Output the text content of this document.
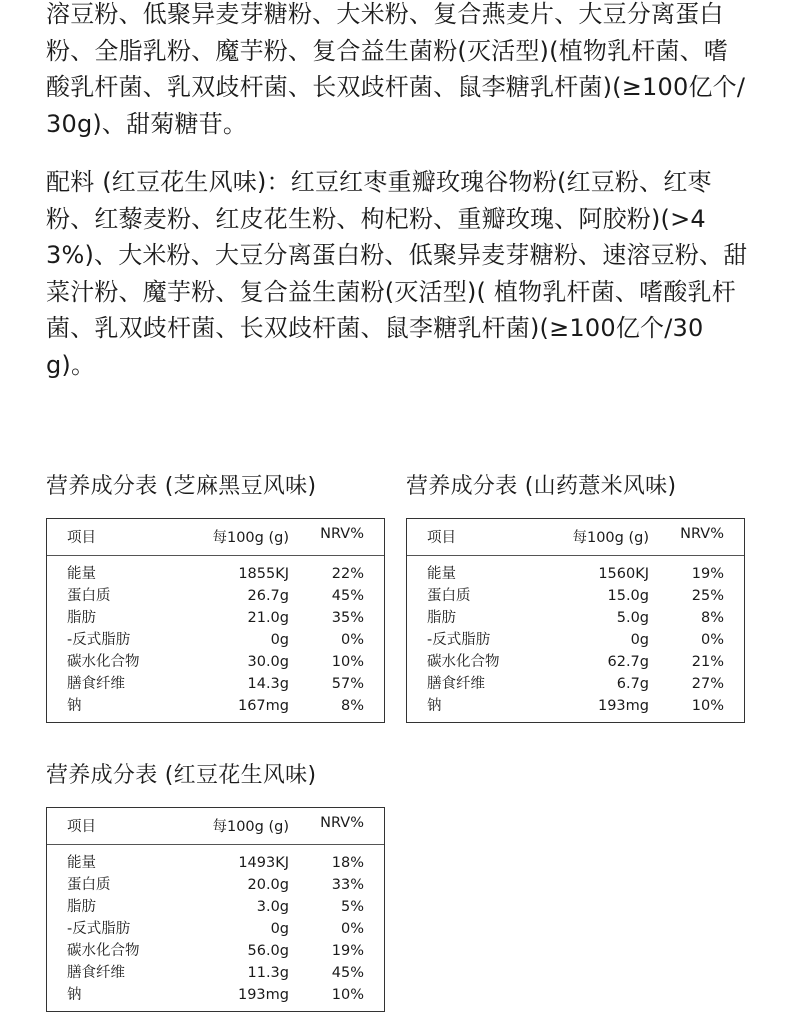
溶豆粉、低聚异麦芽糖粉、大米粉、复合燕麦片、大豆分离蛋白粉、全脂乳粉、魔芋粉、复合益生菌粉(灭活型)(植物乳杆菌、嗜酸乳杆菌、乳双歧杆菌、长双歧杆菌、鼠李糖乳杆菌)(≥100亿个/30g)、甜菊糖苷。

配料 (红豆花生风味)：红豆红枣重瓣玫瑰谷物粉(红豆粉、红枣粉、红藜麦粉、红皮花生粉、枸杞粉、重瓣玫瑰、阿胶粉)(>43%)、大米粉、大豆分离蛋白粉、低聚异麦芽糖粉、速溶豆粉、甜菜汁粉、魔芋粉、复合益生菌粉(灭活型)( 植物乳杆菌、嗜酸乳杆菌、乳双歧杆菌、长双歧杆菌、鼠李糖乳杆菌)(≥100亿个/30g)。

营养成分表 (芝麻黑豆风味)
项目	每100g (g) NRV%
能量	1855KJ	22%
蛋白质	26.7g	45%
脂肪	21.0g	35%
-反式脂肪	0g	0%
碳水化合物	30.0g	10%
膳食纤维	14.3g	57%
钠	167mg	8%
营养成分表 (山药薏米风味)
项目	每100g (g) NRV%
能量	1560KJ	19%
蛋白质	15.0g	25%
脂肪	5.0g	8%
-反式脂肪	0g	0%
碳水化合物	62.7g	21%
膳食纤维	6.7g	27%
钠	193mg	10%
营养成分表 (红豆花生风味)
项目	每100g (g) NRV%
能量	1493KJ	18%
蛋白质	20.0g	33%
脂肪	3.0g	5%
-反式脂肪	0g	0%
碳水化合物	56.0g	19%
膳食纤维	11.3g	45%
钠	193mg	10%
